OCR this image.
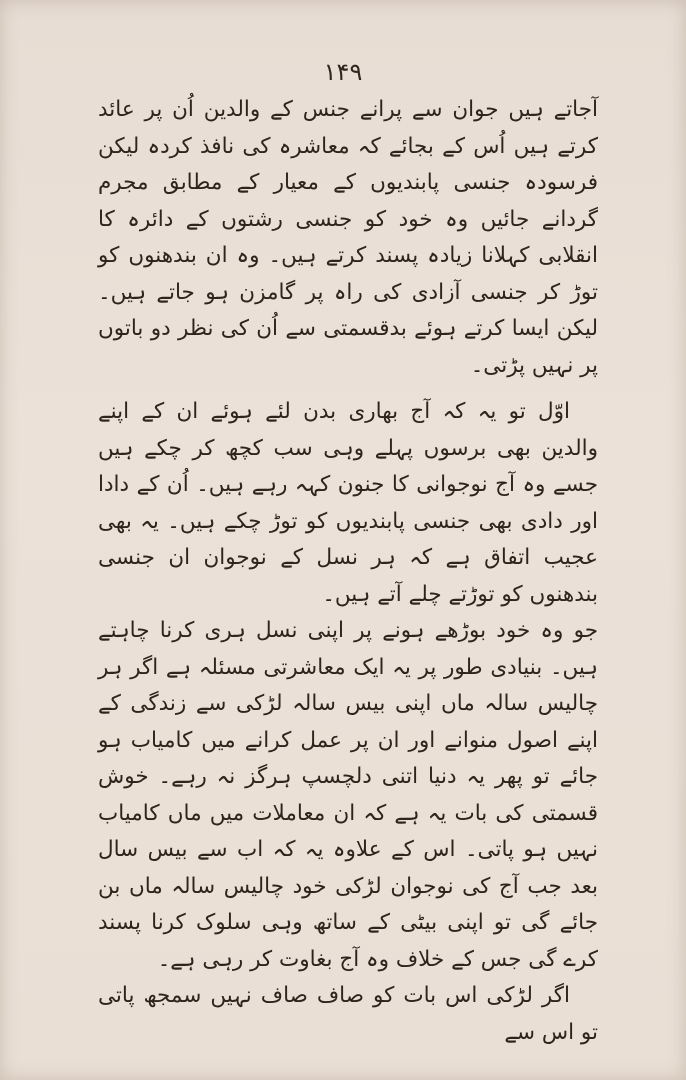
۱۴۹

آجاتے ہیں جوان سے پرانے جنس کے والدین اُن پر عائد کرتے ہیں اُس کے بجائے کہ معاشرہ کی نافذ کردہ لیکن فرسودہ جنسی پابندیوں کے معیار کے مطابق مجرم گردانے جائیں وہ خود کو جنسی رشتوں کے دائرہ کا انقلابی کہلانا زیادہ پسند کرتے ہیں۔ وہ ان بندھنوں کو توڑ کر جنسی آزادی کی راہ پر گامزن ہو جاتے ہیں۔ لیکن ایسا کرتے ہوئے بدقسمتی سے اُن کی نظر دو باتوں پر نہیں پڑتی۔

اوّل تو یہ کہ آج بھاری بدن لئے ہوئے ان کے اپنے والدین بھی برسوں پہلے وہی سب کچھ کر چکے ہیں جسے وہ آج نوجوانی کا جنون کہہ رہے ہیں۔ اُن کے دادا اور دادی بھی جنسی پابندیوں کو توڑ چکے ہیں۔ یہ بھی عجیب اتفاق ہے کہ ہر نسل کے نوجوان ان جنسی بندھنوں کو توڑتے چلے آتے ہیں۔

جو وہ خود بوڑھے ہونے پر اپنی نسل ہری کرنا چاہتے ہیں۔ بنیادی طور پر یہ ایک معاشرتی مسئلہ ہے اگر ہر چالیس سالہ ماں اپنی بیس سالہ لڑکی سے زندگی کے اپنے اصول منوانے اور ان پر عمل کرانے میں کامیاب ہو جائے تو پھر یہ دنیا اتنی دلچسپ ہرگز نہ رہے۔ خوش قسمتی کی بات یہ ہے کہ ان معاملات میں ماں کامیاب نہیں ہو پاتی۔ اس کے علاوہ یہ کہ اب سے بیس سال بعد جب آج کی نوجوان لڑکی خود چالیس سالہ ماں بن جائے گی تو اپنی بیٹی کے ساتھ وہی سلوک کرنا پسند کرے گی جس کے خلاف وہ آج بغاوت کر رہی ہے۔

اگر لڑکی اس بات کو صاف صاف نہیں سمجھ پاتی تو اس سے
